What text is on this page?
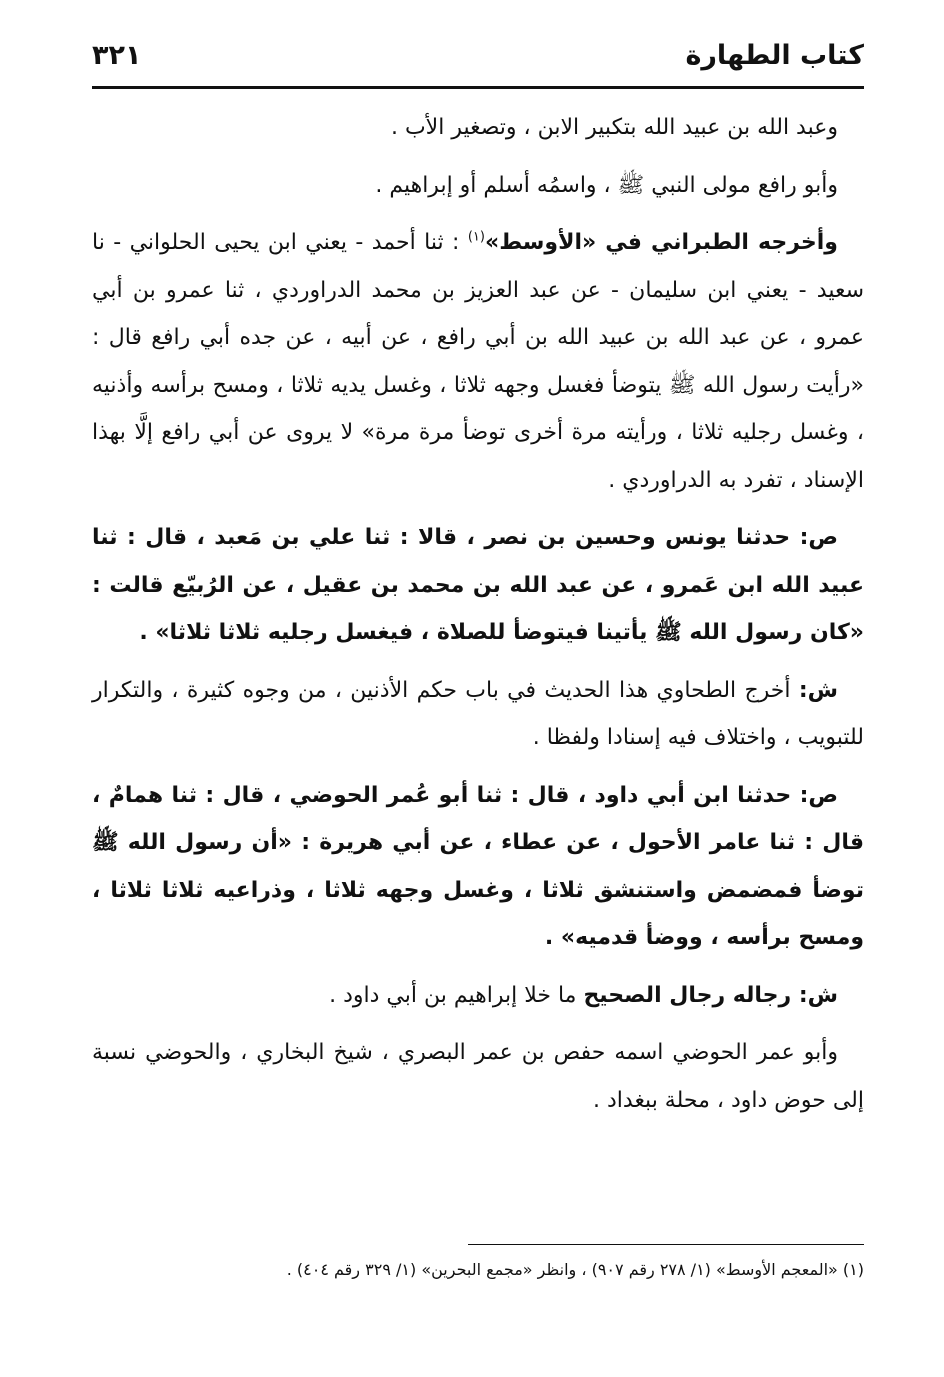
كتاب الطهارة
٣٢١

وعبد الله بن عبيد الله بتكبير الابن ، وتصغير الأب .

وأبو رافع مولى النبي ﷺ ، واسمُه أسلم أو إبراهيم .

وأخرجه الطبراني في «الأوسط»$^{(١)}$ : ثنا أحمد - يعني ابن يحيى الحلواني - نا سعيد - يعني ابن سليمان - عن عبد العزيز بن محمد الدراوردي ، ثنا عمرو بن أبي عمرو ، عن عبد الله بن عبيد الله بن أبي رافع ، عن أبيه ، عن جده أبي رافع قال : «رأيت رسول الله ﷺ يتوضأ فغسل وجهه ثلاثا ، وغسل يديه ثلاثا ، ومسح برأسه وأذنيه ، وغسل رجليه ثلاثا ، ورأيته مرة أخرى توضأ مرة مرة» لا يروى عن أبي رافع إلَّا بهذا الإسناد ، تفرد به الدراوردي .

ص: حدثنا يونس وحسين بن نصر ، قالا : ثنا علي بن مَعبد ، قال : ثنا عبيد الله ابن عَمرو ، عن عبد الله بن محمد بن عقيل ، عن الرُبيّع قالت : «كان رسول الله ﷺ يأتينا فيتوضأ للصلاة ، فيغسل رجليه ثلاثا ثلاثا» .

ش: أخرج الطحاوي هذا الحديث في باب حكم الأذنين ، من وجوه كثيرة ، والتكرار للتبويب ، واختلاف فيه إسنادا ولفظا .

ص: حدثنا ابن أبي داود ، قال : ثنا أبو عُمر الحوضي ، قال : ثنا همامٌ ، قال : ثنا عامر الأحول ، عن عطاء ، عن أبي هريرة : «أن رسول الله ﷺ توضأ فمضمض واستنشق ثلاثا ، وغسل وجهه ثلاثا ، وذراعيه ثلاثا ثلاثا ، ومسح برأسه ، ووضأ قدميه» .

ش: رجاله رجال الصحيح ما خلا إبراهيم بن أبي داود .

وأبو عمر الحوضي اسمه حفص بن عمر البصري ، شيخ البخاري ، والحوضي نسبة إلى حوض داود ، محلة ببغداد .

(١) «المعجم الأوسط» (١/ ٢٧٨ رقم ٩٠٧) ، وانظر «مجمع البحرين» (١/ ٣٢٩ رقم ٤٠٤) .
